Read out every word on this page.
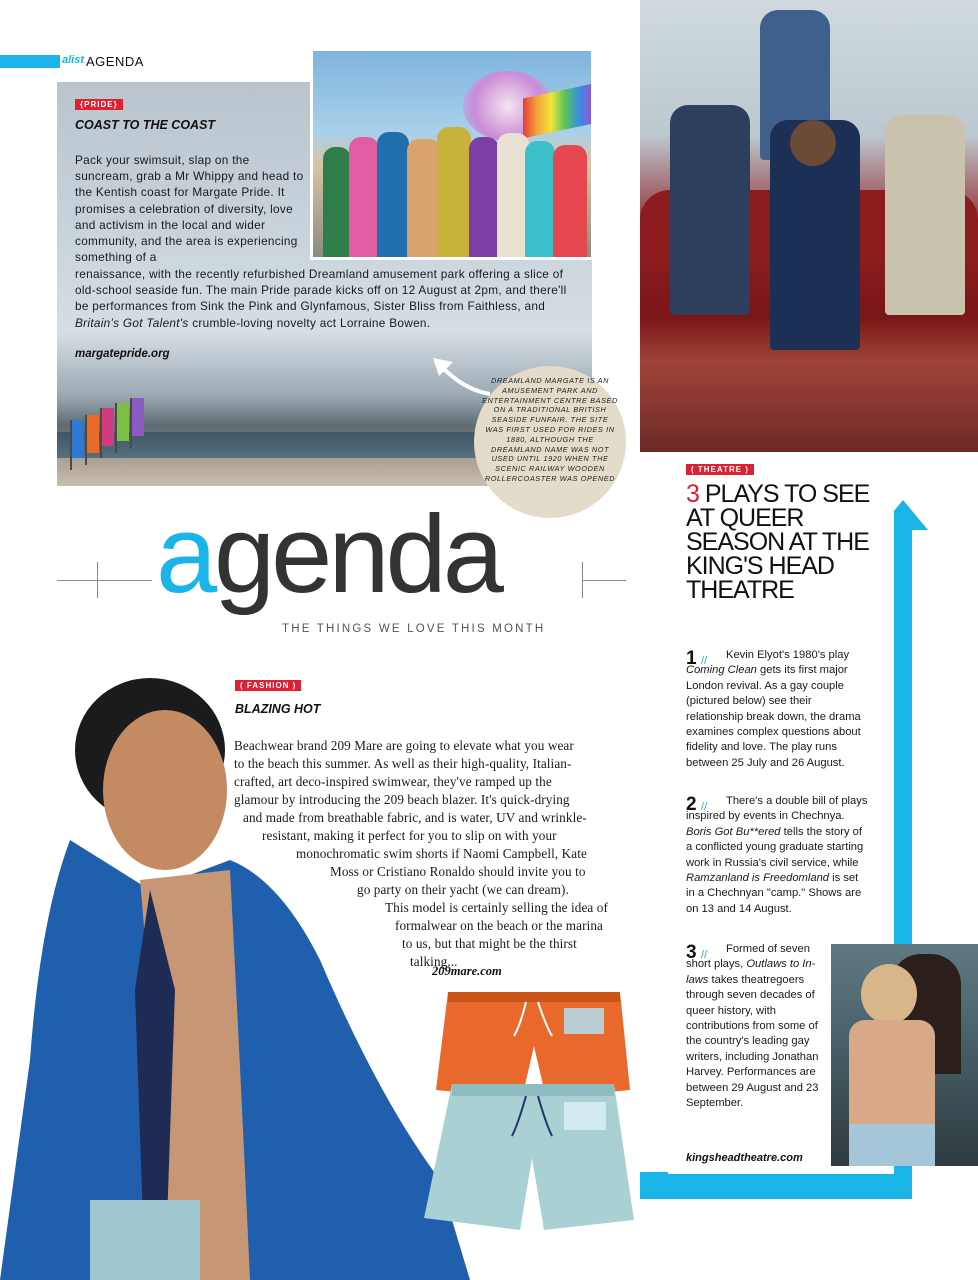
alist AGENDA
{PRIDE}
COAST TO THE COAST
Pack your swimsuit, slap on the suncream, grab a Mr Whippy and head to the Kentish coast for Margate Pride. It promises a celebration of diversity, love and activism in the local and wider community, and the area is experiencing something of a
renaissance, with the recently refurbished Dreamland amusement park offering a slice of old-school seaside fun. The main Pride parade kicks off on 12 August at 2pm, and there'll be performances from Sink the Pink and Glynfamous, Sister Bliss from Faithless, and Britain's Got Talent's crumble-loving novelty act Lorraine Bowen.
margatepride.org
DREAMLAND MARGATE IS AN AMUSEMENT PARK AND ENTERTAINMENT CENTRE BASED ON A TRADITIONAL BRITISH SEASIDE FUNFAIR. THE SITE WAS FIRST USED FOR RIDES IN 1880, ALTHOUGH THE DREAMLAND NAME WAS NOT USED UNTIL 1920 WHEN THE SCENIC RAILWAY WOODEN ROLLERCOASTER WAS OPENED
a genda
THE THINGS WE LOVE THIS MONTH
( FASHION )
BLAZING HOT
Beachwear brand 209 Mare are going to elevate what you wear
to the beach this summer. As well as their high-quality, Italian-
crafted, art deco-inspired swimwear, they've ramped up the
glamour by introducing the 209 beach blazer. It's quick-drying
and made from breathable fabric, and is water, UV and wrinkle-
resistant, making it perfect for you to slip on with your
monochromatic swim shorts if Naomi Campbell, Kate
Moss or Cristiano Ronaldo should invite you to
go party on their yacht (we can dream).
This model is certainly selling the idea of
formalwear on the beach or the marina
to us, but that might be the thirst
talking...
209mare.com
( THEATRE )
3 PLAYS TO SEE AT QUEER SEASON AT THE KING'S HEAD THEATRE
1 //	Kevin Elyot's 1980's play Coming Clean gets its first major London revival. As a gay couple (pictured below) see their relationship break down, the drama examines complex questions about fidelity and love. The play runs between 25 July and 26 August.
2 //	There's a double bill of plays inspired by events in Chechnya. Boris Got Bu**ered tells the story of a conflicted young graduate starting work in Russia's civil service, while Ramzanland is Freedomland is set in a Chechnyan "camp." Shows are on 13 and 14 August.
3 //	Formed of seven short plays, Outlaws to In-laws takes theatregoers through seven decades of queer history, with contributions from some of the country's leading gay writers, including Jonathan Harvey. Performances are between 29 August and 23 September.
kingsheadtheatre.com
